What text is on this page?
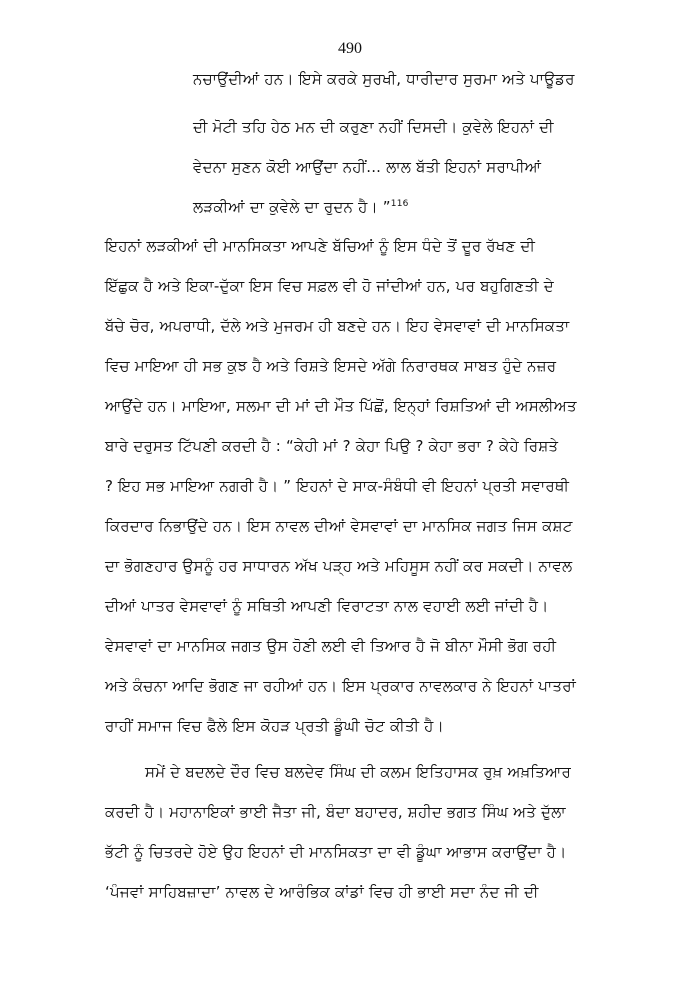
490
ਨਚਾਉਂਦੀਆਂ ਹਨ। ਇਸੇ ਕਰਕੇ ਸੁਰਖੀ, ਧਾਰੀਦਾਰ ਸੁਰਮਾ ਅਤੇ ਪਾਊਡਰ
ਦੀ ਮੋਟੀ ਤਹਿ ਹੇਠ ਮਨ ਦੀ ਕਰੁਣਾ ਨਹੀਂ ਦਿਸਦੀ। ਕੁਵੇਲੇ ਇਹਨਾਂ ਦੀ
ਵੇਦਨਾ ਸੁਣਨ ਕੋਈ ਆਉਂਦਾ ਨਹੀਂ... ਲਾਲ ਬੱਤੀ ਇਹਨਾਂ ਸਰਾਪੀਆਂ
ਲੜਕੀਆਂ ਦਾ ਕੁਵੇਲੇ ਦਾ ਰੁਦਨ ਹੈ। ”$^{116}$
ਇਹਨਾਂ ਲੜਕੀਆਂ ਦੀ ਮਾਨਸਿਕਤਾ ਆਪਣੇ ਬੱਚਿਆਂ ਨੂੰ ਇਸ ਧੰਦੇ ਤੋਂ ਦੂਰ ਰੱਖਣ ਦੀ
ਇੱਛੁਕ ਹੈ ਅਤੇ ਇਕਾ-ਦੁੱਕਾ ਇਸ ਵਿਚ ਸਫ਼ਲ ਵੀ ਹੋ ਜਾਂਦੀਆਂ ਹਨ, ਪਰ ਬਹੁਗਿਣਤੀ ਦੇ
ਬੱਚੇ ਚੋਰ, ਅਪਰਾਧੀ, ਦੱਲੇ ਅਤੇ ਮੁਜਰਮ ਹੀ ਬਣਦੇ ਹਨ। ਇਹ ਵੇਸਵਾਵਾਂ ਦੀ ਮਾਨਸਿਕਤਾ
ਵਿਚ ਮਾਇਆ ਹੀ ਸਭ ਕੁਝ ਹੈ ਅਤੇ ਰਿਸ਼ਤੇ ਇਸਦੇ ਅੱਗੇ ਨਿਰਾਰਥਕ ਸਾਬਤ ਹੁੰਦੇ ਨਜ਼ਰ
ਆਉਂਦੇ ਹਨ। ਮਾਇਆ, ਸਲਮਾ ਦੀ ਮਾਂ ਦੀ ਮੌਤ ਪਿੱਛੋਂ, ਇਨ੍ਹਾਂ ਰਿਸ਼ਤਿਆਂ ਦੀ ਅਸਲੀਅਤ
ਬਾਰੇ ਦਰੁਸਤ ਟਿੱਪਣੀ ਕਰਦੀ ਹੈ : “ਕੇਹੀ ਮਾਂ ? ਕੇਹਾ ਪਿਉ ? ਕੇਹਾ ਭਰਾ ? ਕੇਹੇ ਰਿਸ਼ਤੇ
? ਇਹ ਸਭ ਮਾਇਆ ਨਗਰੀ ਹੈ। ” ਇਹਨਾਂ ਦੇ ਸਾਕ-ਸੰਬੰਧੀ ਵੀ ਇਹਨਾਂ ਪ੍ਰਤੀ ਸਵਾਰਥੀ
ਕਿਰਦਾਰ ਨਿਭਾਉਂਦੇ ਹਨ। ਇਸ ਨਾਵਲ ਦੀਆਂ ਵੇਸਵਾਵਾਂ ਦਾ ਮਾਨਸਿਕ ਜਗਤ ਜਿਸ ਕਸ਼ਟ
ਦਾ ਭੋਗਣਹਾਰ ਉਸਨੂੰ ਹਰ ਸਾਧਾਰਨ ਅੱਖ ਪੜ੍ਹ ਅਤੇ ਮਹਿਸੂਸ ਨਹੀਂ ਕਰ ਸਕਦੀ। ਨਾਵਲ
ਦੀਆਂ ਪਾਤਰ ਵੇਸਵਾਵਾਂ ਨੂੰ ਸਥਿਤੀ ਆਪਣੀ ਵਿਰਾਟਤਾ ਨਾਲ ਵਹਾਈ ਲਈ ਜਾਂਦੀ ਹੈ।
ਵੇਸਵਾਵਾਂ ਦਾ ਮਾਨਸਿਕ ਜਗਤ ਉਸ ਹੋਣੀ ਲਈ ਵੀ ਤਿਆਰ ਹੈ ਜੋ ਬੀਨਾ ਮੌਸੀ ਭੋਗ ਰਹੀ
ਅਤੇ ਕੰਚਨਾ ਆਦਿ ਭੋਗਣ ਜਾ ਰਹੀਆਂ ਹਨ। ਇਸ ਪ੍ਰਕਾਰ ਨਾਵਲਕਾਰ ਨੇ ਇਹਨਾਂ ਪਾਤਰਾਂ
ਰਾਹੀਂ ਸਮਾਜ ਵਿਚ ਫੈਲੇ ਇਸ ਕੋਹੜ ਪ੍ਰਤੀ ਡੂੰਘੀ ਚੋਟ ਕੀਤੀ ਹੈ।
ਸਮੇਂ ਦੇ ਬਦਲਦੇ ਦੌਰ ਵਿਚ ਬਲਦੇਵ ਸਿੰਘ ਦੀ ਕਲਮ ਇਤਿਹਾਸਕ ਰੁਖ਼ ਅਖ਼ਤਿਆਰ
ਕਰਦੀ ਹੈ। ਮਹਾਨਾਇਕਾਂ ਭਾਈ ਜੈਤਾ ਜੀ, ਬੰਦਾ ਬਹਾਦਰ, ਸ਼ਹੀਦ ਭਗਤ ਸਿੰਘ ਅਤੇ ਦੁੱਲਾ
ਭੱਟੀ ਨੂੰ ਚਿਤਰਦੇ ਹੋਏ ਉਹ ਇਹਨਾਂ ਦੀ ਮਾਨਸਿਕਤਾ ਦਾ ਵੀ ਡੂੰਘਾ ਆਭਾਸ ਕਰਾਉਂਦਾ ਹੈ।
‘ਪੰਜਵਾਂ ਸਾਹਿਬਜ਼ਾਦਾ’ ਨਾਵਲ ਦੇ ਆਰੰਭਿਕ ਕਾਂਡਾਂ ਵਿਚ ਹੀ ਭਾਈ ਸਦਾ ਨੰਦ ਜੀ ਦੀ
